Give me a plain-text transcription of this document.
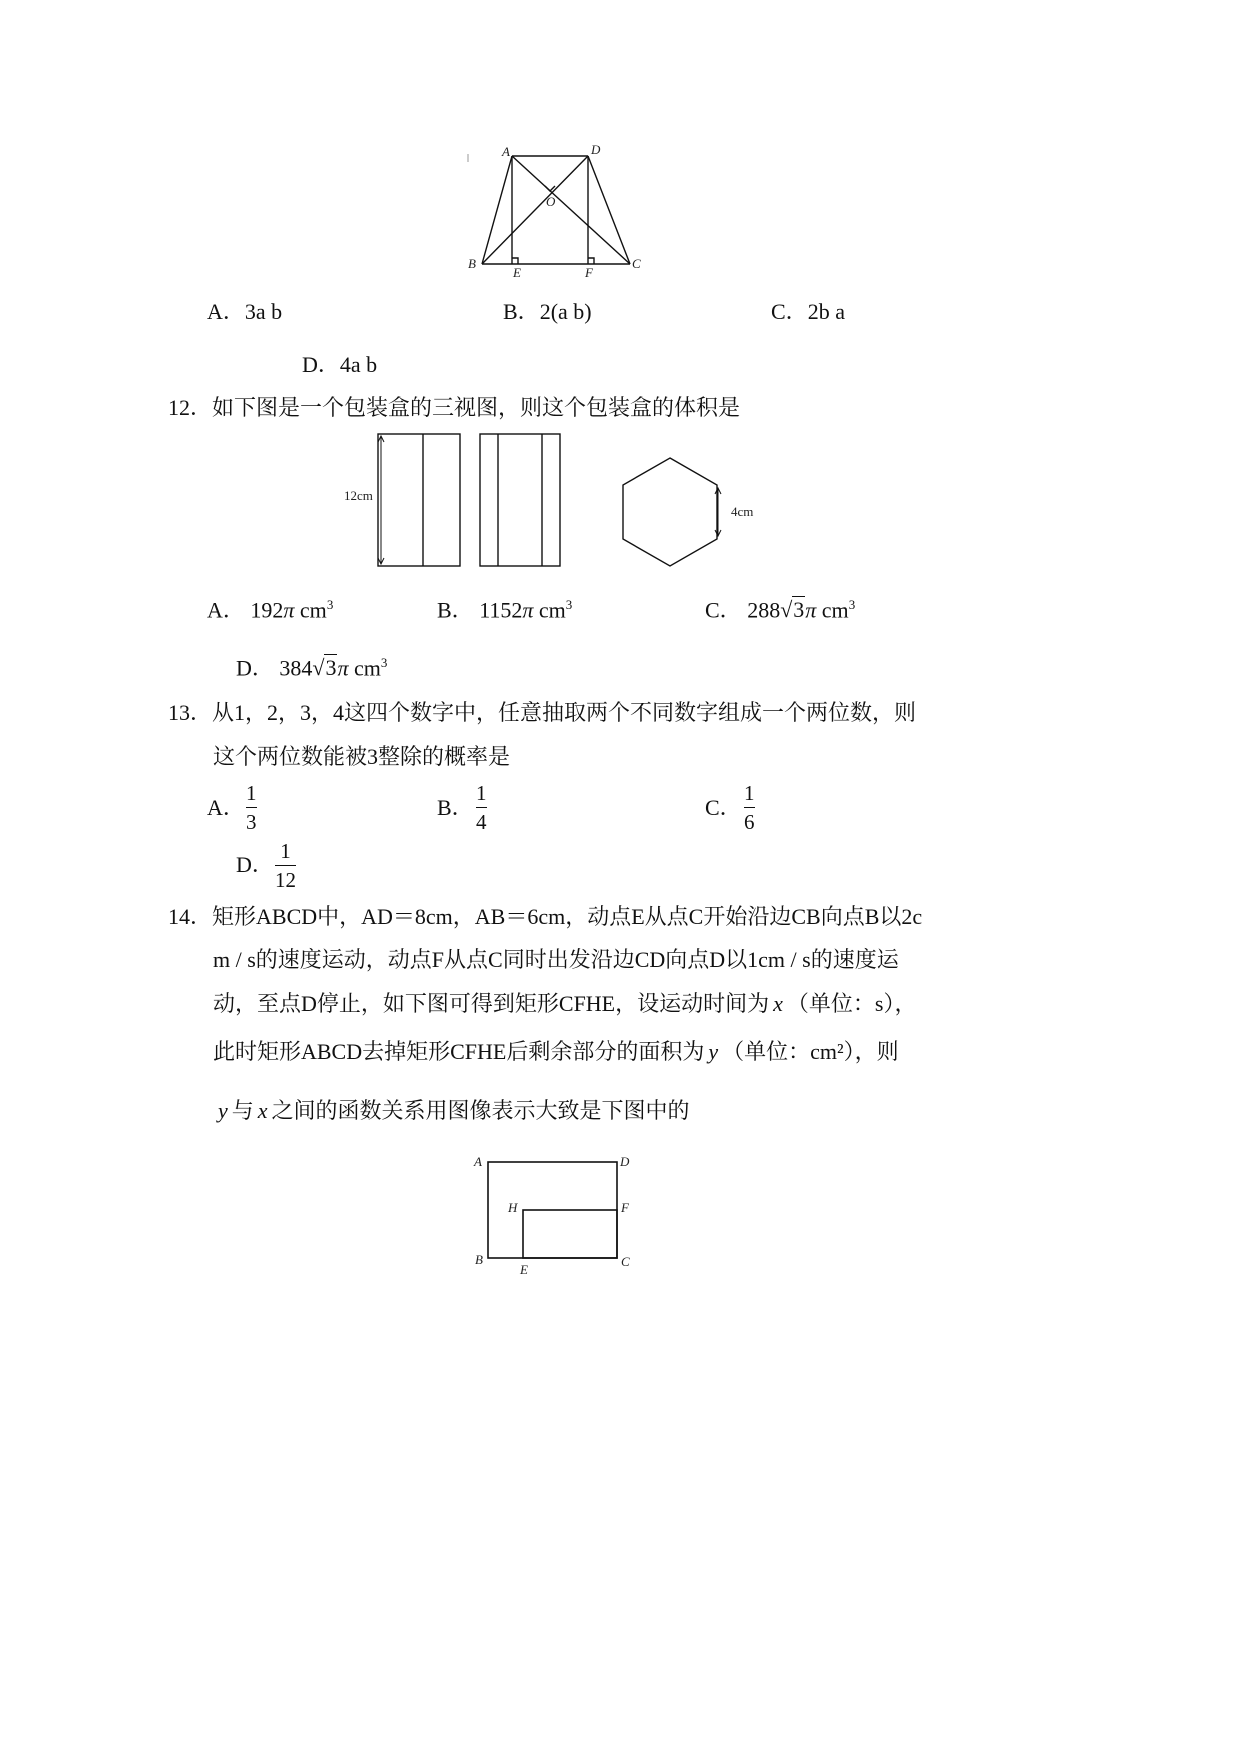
A	D
O
B
E	F
C
A．3a b	B．2(a b)	C．2b a
D．4a b
12．如下图是一个包装盒的三视图，则这个包装盒的体积是
12cm
4cm
A． 192π $cm^3$	B． 1152π $cm^3$	C． 288√3π $cm^3$
D． 384√3π $cm^3$
13．从1，2，3，4这四个数字中，任意抽取两个不同数字组成一个两位数，则
这个两位数能被3整除的概率是
A．
1
3
B．
1
4
C．
1
6
D．
1
12
14．矩形ABCD中，AD＝8cm，AB＝6cm，动点E从点C开始沿边CB向点B以2c
m / s的速度运动，动点F从点C同时出发沿边CD向点D以1cm / s的速度运
动，至点D停止，如下图可得到矩形CFHE，设运动时间为 x （单位：s），
此时矩形ABCD去掉矩形CFHE后剩余部分的面积为 y （单位：cm²），则
y 与 x 之间的函数关系用图像表示大致是下图中的
A	D
H	F
B
E
C
